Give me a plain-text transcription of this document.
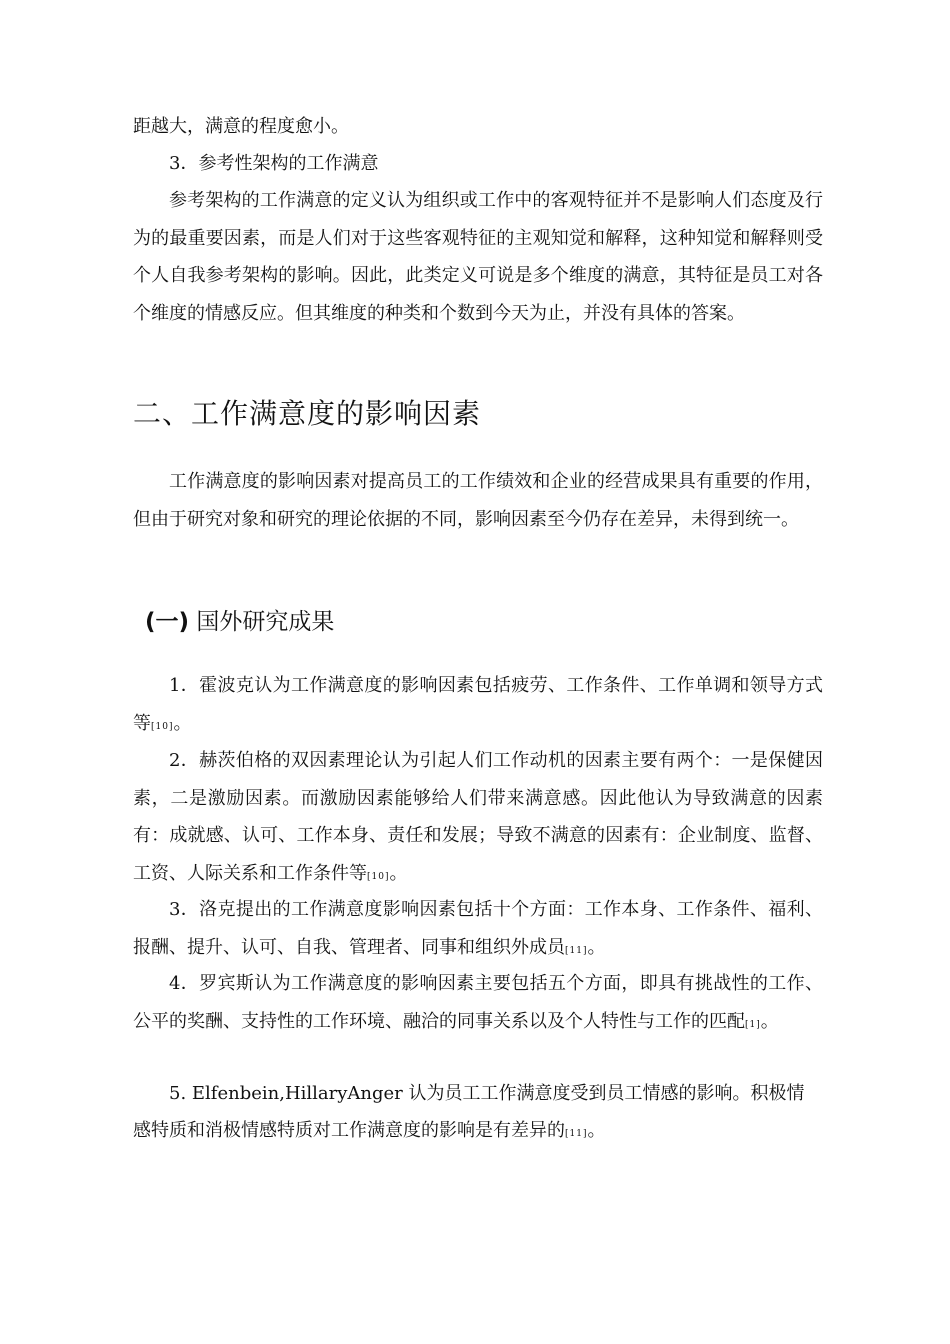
距越大，满意的程度愈小。

3．参考性架构的工作满意

参考架构的工作满意的定义认为组织或工作中的客观特征并不是影响人们态度及行为的最重要因素，而是人们对于这些客观特征的主观知觉和解释，这种知觉和解释则受个人自我参考架构的影响。因此，此类定义可说是多个维度的满意，其特征是员工对各个维度的情感反应。但其维度的种类和个数到今天为止，并没有具体的答案。

二、工作满意度的影响因素

工作满意度的影响因素对提高员工的工作绩效和企业的经营成果具有重要的作用，但由于研究对象和研究的理论依据的不同，影响因素至今仍存在差异，未得到统一。

(一) 国外研究成果

1．霍波克认为工作满意度的影响因素包括疲劳、工作条件、工作单调和领导方式等[10]。

2．赫茨伯格的双因素理论认为引起人们工作动机的因素主要有两个：一是保健因素，二是激励因素。而激励因素能够给人们带来满意感。因此他认为导致满意的因素有：成就感、认可、工作本身、责任和发展；导致不满意的因素有：企业制度、监督、工资、人际关系和工作条件等[10]。

3．洛克提出的工作满意度影响因素包括十个方面：工作本身、工作条件、福利、报酬、提升、认可、自我、管理者、同事和组织外成员[11]。

4．罗宾斯认为工作满意度的影响因素主要包括五个方面，即具有挑战性的工作、公平的奖酬、支持性的工作环境、融洽的同事关系以及个人特性与工作的匹配[1]。

5. Elfenbein,HillaryAnger 认为员工工作满意度受到员工情感的影响。积极情

感特质和消极情感特质对工作满意度的影响是有差异的[11]。
